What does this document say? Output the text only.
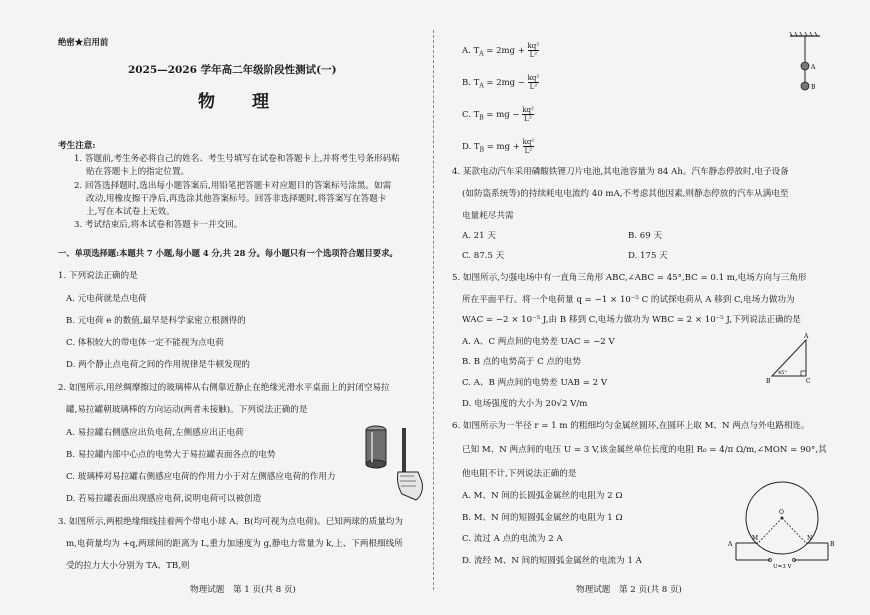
绝密★启用前
2025—2026 学年高二年级阶段性测试(一)
物　理
考生注意:
1. 答题前,考生务必将自己的姓名、考生号填写在试卷和答题卡上,并将考生号条形码粘
贴在答题卡上的指定位置。
2. 回答选择题时,选出每小题答案后,用铅笔把答题卡对应题目的答案标号涂黑。如需
改动,用橡皮擦干净后,再选涂其他答案标号。回答非选择题时,将答案写在答题卡
上,写在本试卷上无效。
3. 考试结束后,将本试卷和答题卡一并交回。
一、单项选择题:本题共 7 小题,每小题 4 分,共 28 分。每小题只有一个选项符合题目要求。
1. 下列说法正确的是
A. 元电荷就是点电荷
B. 元电荷 e 的数值,最早是科学家密立根测得的
C. 体积较大的带电体一定不能视为点电荷
D. 两个静止点电荷之间的作用规律是牛顿发现的
2. 如图所示,用丝绸摩擦过的玻璃棒从右侧靠近静止在绝缘光滑水平桌面上的封闭空易拉
罐,易拉罐朝玻璃棒的方向运动(两者未接触)。下列说法正确的是
A. 易拉罐右侧感应出负电荷,左侧感应出正电荷
B. 易拉罐内部中心点的电势大于易拉罐表面各点的电势
C. 玻璃棒对易拉罐右侧感应电荷的作用力小于对左侧感应电荷的作用力
D. 若易拉罐表面出现感应电荷,说明电荷可以被创造
3. 如图所示,两根绝缘细线挂着两个带电小球 A、B(均可视为点电荷)。已知两球的质量均为
m,电荷量均为 +q,两球间的距离为 L,重力加速度为 g,静电力常量为 k,上、下两根细线所
受的拉力大小分别为 TA、TB,则
物理试题　第 1 页(共 8 页)
A. $T_A = 2mg + \frac{\text{kq²}}{\text{L²}}$
B. $T_A = 2mg - \frac{\text{kq²}}{\text{L²}}$
C. $T_B$ = mg − $\frac{\text{kq²}}{\text{L²}}$
D. $T_B$ = mg + $\frac{\text{kq²}}{\text{L²}}$
A
B
4. 某款电动汽车采用磷酸铁锂刀片电池,其电池容量为 84 Ah。汽车静态停放时,电子设备
(如防盗系统等)的持续耗电电流约 40 mA,不考虑其他因素,则静态停放的汽车从满电至
电量耗尽共需
A. 21 天	B. 69 天
C. 87.5 天	D. 175 天
5. 如图所示,匀强电场中有一直角三角形 ABC,∠ABC = 45°,BC = 0.1 m,电场方向与三角形
所在平面平行。将一个电荷量 q = −1 × 10⁻⁵ C 的试探电荷从 A 移到 C,电场力做功为
WAC = −2 × 10⁻⁵ J,由 B 移到 C,电场力做功为 WBC = 2 × 10⁻⁵ J,下列说法正确的是
A. A、C 两点间的电势差 UAC = −2 V
B. B 点的电势高于 C 点的电势
C. A、B 两点间的电势差 UAB = 2 V
D. 电场强度的大小为 20√2 V/m
A
B	C
45°
6. 如图所示为一半径 r = 1 m 的粗细均匀金属丝圆环,在圆环上取 M、N 两点与外电路相连。
已知 M、N 两点间的电压 U = 3 V,该金属丝单位长度的电阻 R₀ = 4/π Ω/m,∠MON = 90°,其
他电阻不计,下列说法正确的是
A. M、N 间的长圆弧金属丝的电阻为 2 Ω
B. M、N 间的短圆弧金属丝的电阻为 1 Ω
C. 流过 A 点的电流为 2 A
D. 流经 M、N 间的短圆弧金属丝的电流为 1 A
O
M	N
A	B
U=3 V
物理试题　第 2 页(共 8 页)
